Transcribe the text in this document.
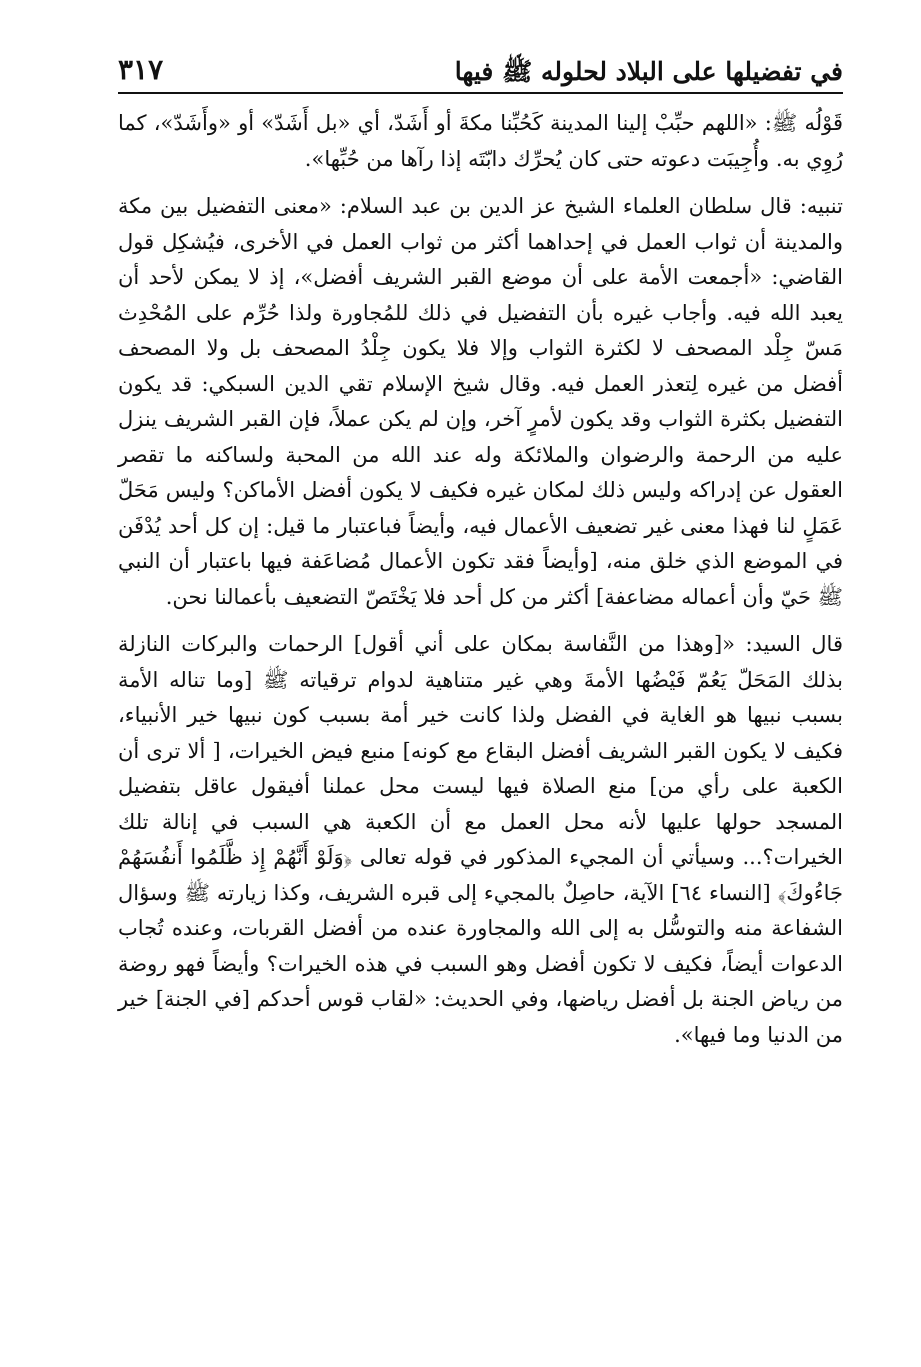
في تفضيلها على البلاد لحلوله ﷺ فيها
٣١٧

قَوْلُه ﷺ: «اللهم حبِّبْ إلينا المدينة كَحُبِّنا مكةَ أو أَشَدّ، أي «بل أَشَدّ» أو «وأَشَدّ»، كما رُوِي به. وأُجِيبَت دعوته حتى كان يُحرِّك دابّتَه إذا رآها من حُبِّها».

تنبيه: قال سلطان العلماء الشيخ عز الدين بن عبد السلام: «معنى التفضيل بين مكة والمدينة أن ثواب العمل في إحداهما أكثر من ثواب العمل في الأخرى، فيُشكِل قول القاضي: «أجمعت الأمة على أن موضع القبر الشريف أفضل»، إذ لا يمكن لأحد أن يعبد الله فيه. وأجاب غيره بأن التفضيل في ذلك للمُجاورة ولذا حُرِّم على المُحْدِث مَسّ جِلْد المصحف لا لكثرة الثواب وإلا فلا يكون جِلْدُ المصحف بل ولا المصحف أفضل من غيره لِتعذر العمل فيه. وقال شيخ الإسلام تقي الدين السبكي: قد يكون التفضيل بكثرة الثواب وقد يكون لأمرٍ آخر، وإن لم يكن عملاً، فإن القبر الشريف ينزل عليه من الرحمة والرضوان والملائكة وله عند الله من المحبة ولساكنه ما تقصر العقول عن إدراكه وليس ذلك لمكان غيره فكيف لا يكون أفضل الأماكن؟ وليس مَحَلّ عَمَلٍ لنا فهذا معنى غير تضعيف الأعمال فيه، وأيضاً فباعتبار ما قيل: إن كل أحد يُدْفَن في الموضع الذي خلق منه، [وأيضاً فقد تكون الأعمال مُضاعَفة فيها باعتبار أن النبي ﷺ حَيّ وأن أعماله مضاعفة] أكثر من كل أحد فلا يَخْتَصّ التضعيف بأعمالنا نحن.

قال السيد: «[وهذا من النَّفاسة بمكان على أني أقول] الرحمات والبركات النازلة بذلك المَحَلّ يَعُمّ فَيْضُها الأمةَ وهي غير متناهية لدوام ترقياته ﷺ [وما تناله الأمة بسبب نبيها هو الغاية في الفضل ولذا كانت خير أمة بسبب كون نبيها خير الأنبياء، فكيف لا يكون القبر الشريف أفضل البقاع مع كونه] منبع فيض الخيرات، [ ألا ترى أن الكعبة على رأي من] منع الصلاة فيها ليست محل عملنا أفيقول عاقل بتفضيل المسجد حولها عليها لأنه محل العمل مع أن الكعبة هي السبب في إنالة تلك الخيرات؟... وسيأتي أن المجيء المذكور في قوله تعالى ﴿وَلَوْ أَنَّهُمْ إِذ ظَّلَمُوا أَنفُسَهُمْ جَاءُوكَ﴾ [النساء ٦٤] الآية، حاصِلٌ بالمجيء إلى قبره الشريف، وكذا زيارته ﷺ وسؤال الشفاعة منه والتوسُّل به إلى الله والمجاورة عنده من أفضل القربات، وعنده تُجاب الدعوات أيضاً، فكيف لا تكون أفضل وهو السبب في هذه الخيرات؟ وأيضاً فهو روضة من رياض الجنة بل أفضل رياضها، وفي الحديث: «لقاب قوس أحدكم [في الجنة] خير من الدنيا وما فيها».
